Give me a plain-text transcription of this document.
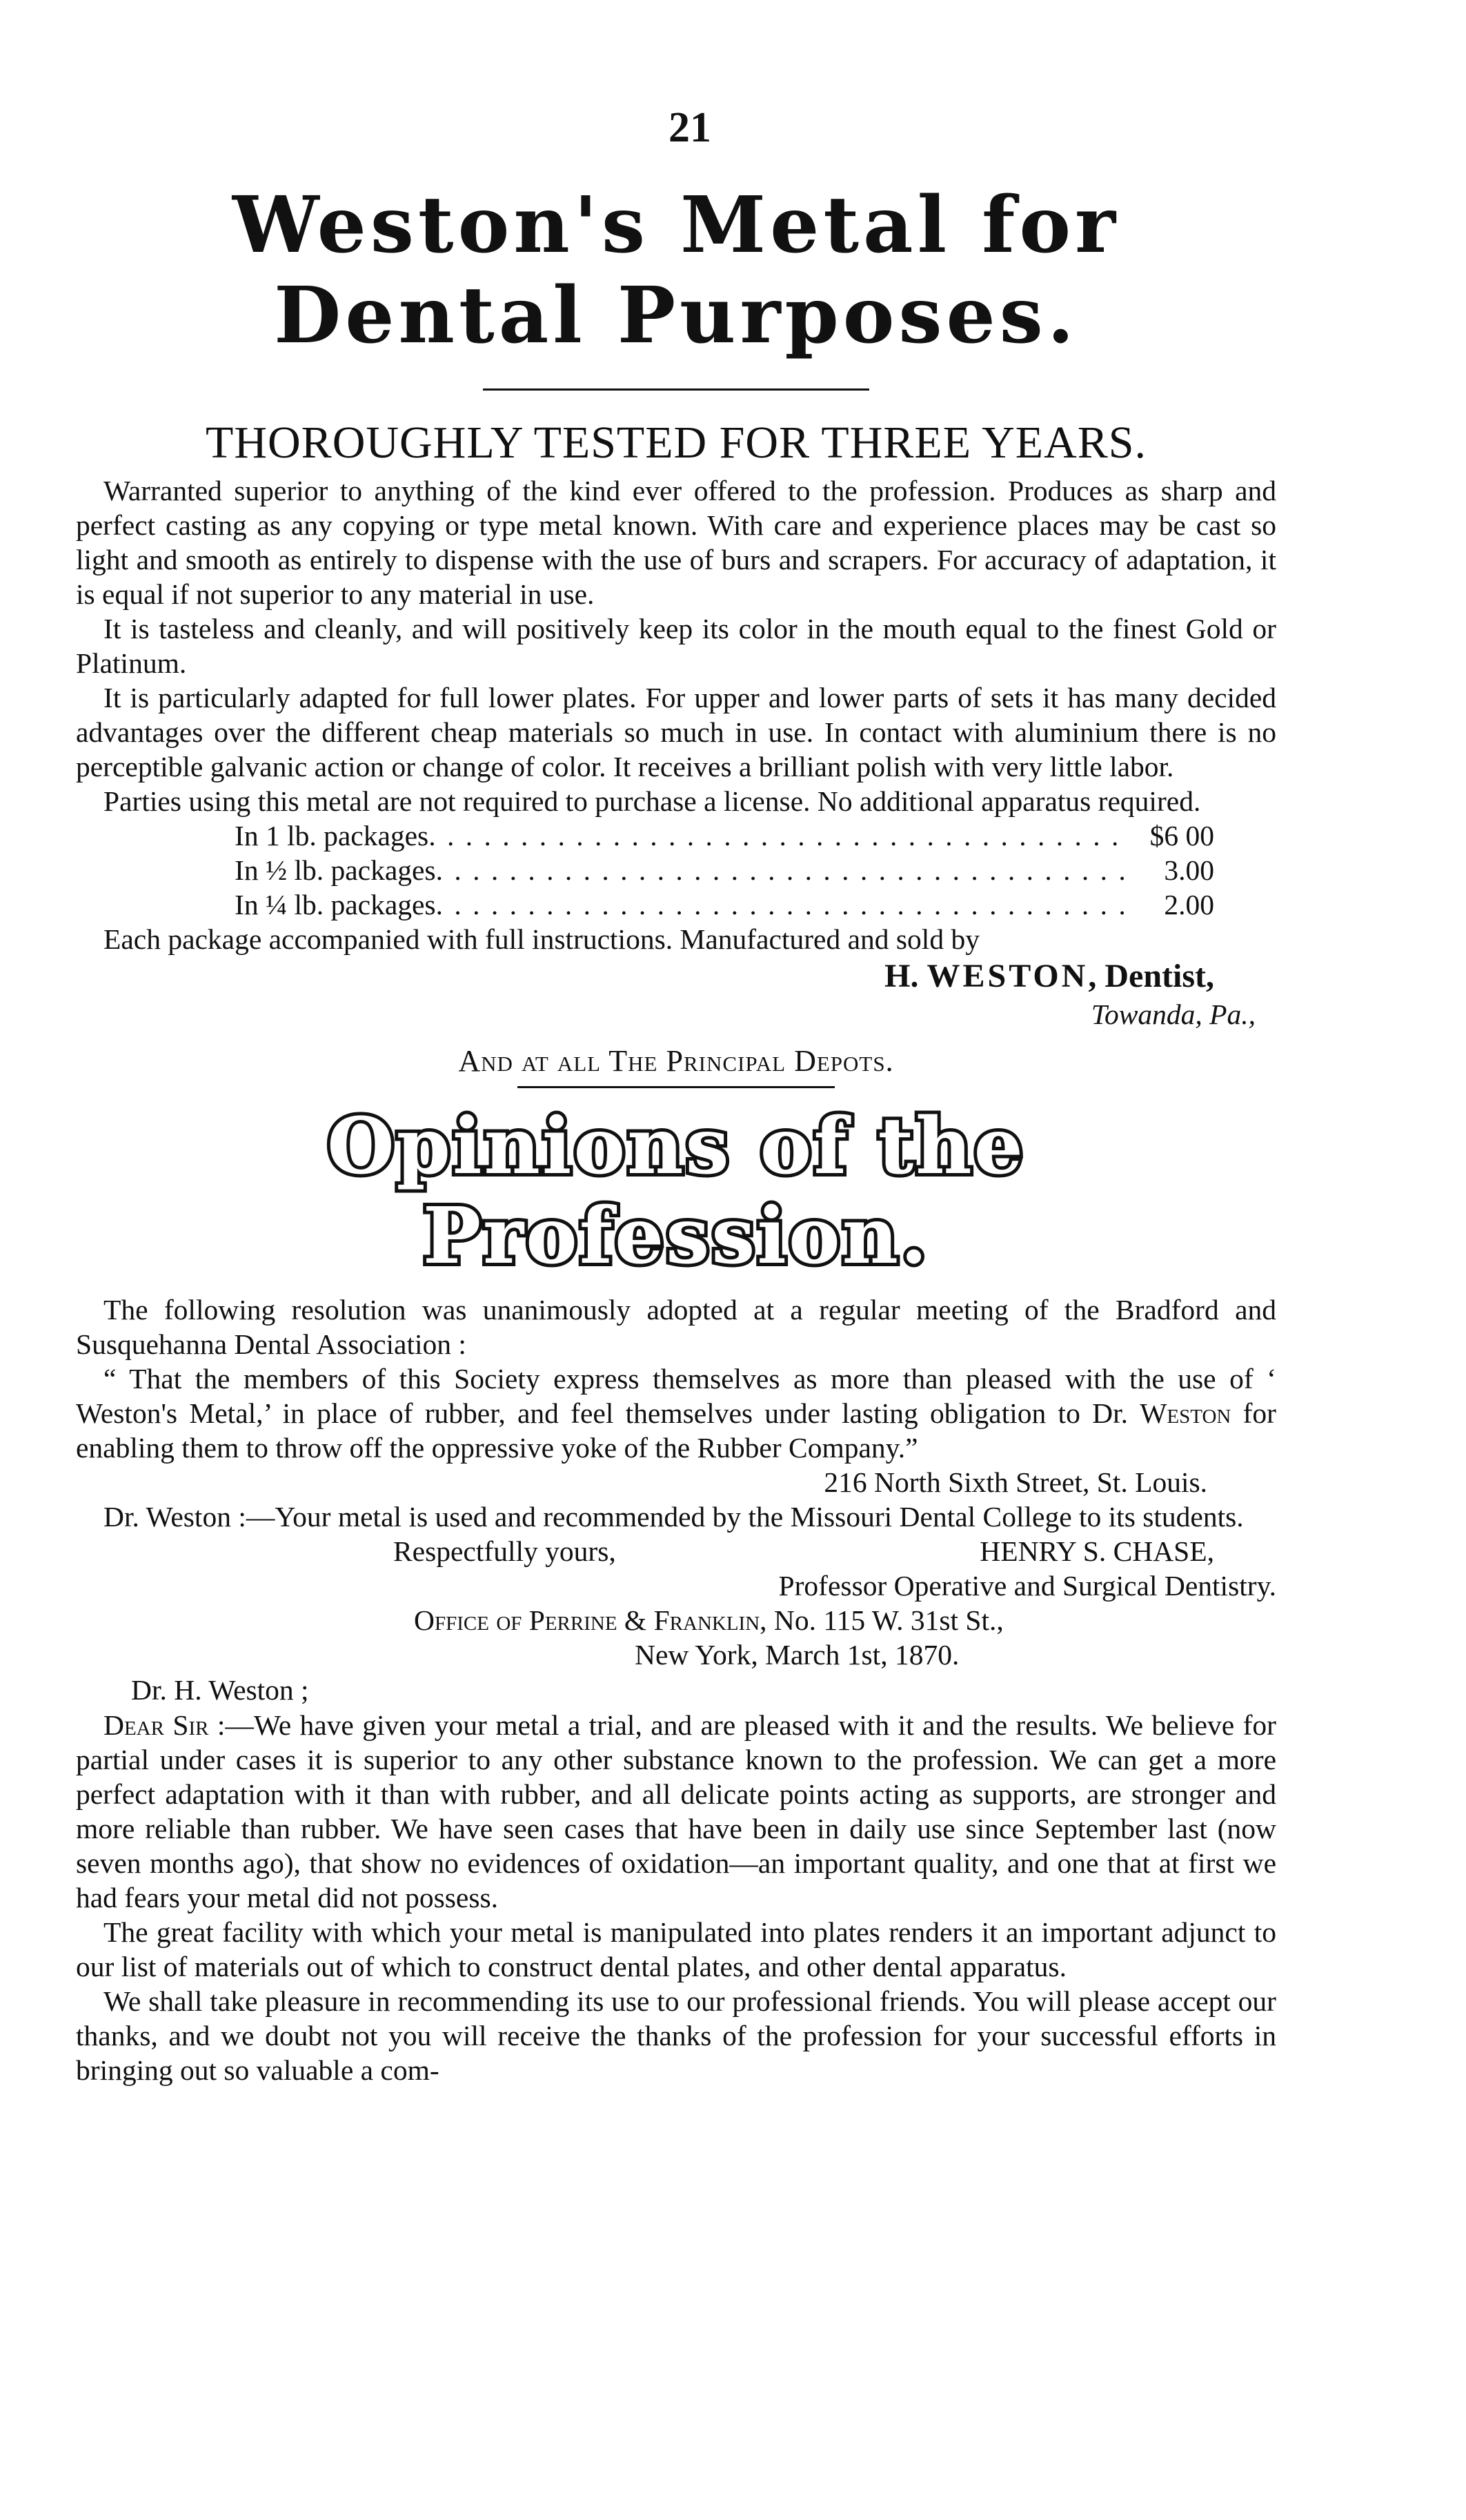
21
Weston's Metal for Dental Purposes.
THOROUGHLY TESTED FOR THREE YEARS.

Warranted superior to anything of the kind ever offered to the profession. Produces as sharp and perfect casting as any copying or type metal known. With care and experience places may be cast so light and smooth as entirely to dispense with the use of burs and scrapers. For accuracy of adaptation, it is equal if not superior to any material in use.

It is tasteless and cleanly, and will positively keep its color in the mouth equal to the finest Gold or Platinum.

It is particularly adapted for full lower plates. For upper and lower parts of sets it has many decided advantages over the different cheap materials so much in use. In contact with aluminium there is no perceptible galvanic action or change of color. It receives a brilliant polish with very little labor.

Parties using this metal are not required to purchase a license. No additional apparatus required.

In 1 lb. packages . . .	$6 00
In ½ lb. packages . . .	3.00
In ¼ lb. packages . . .	2.00

Each package accompanied with full instructions. Manufactured and sold by

H. WESTON, Dentist,
Towanda, Pa.,
And at all The Principal Depots.
Opinions of the Profession.

The following resolution was unanimously adopted at a regular meeting of the Bradford and Susquehanna Dental Association :

“ That the members of this Society express themselves as more than pleased with the use of ‘ Weston's Metal,’ in place of rubber, and feel themselves under lasting obligation to Dr. Weston for enabling them to throw off the oppressive yoke of the Rubber Company.”

216 North Sixth Street, St. Louis.

Dr. Weston :—Your metal is used and recommended by the Missouri Dental College to its students.

Respectfully yours,	HENRY S. CHASE,
Professor Operative and Surgical Dentistry.
Office of Perrine & Franklin, No. 115 W. 31st St.,
New York, March 1st, 1870.
Dr. H. Weston ;

Dear Sir :—We have given your metal a trial, and are pleased with it and the results. We believe for partial under cases it is superior to any other substance known to the profession. We can get a more perfect adaptation with it than with rubber, and all delicate points acting as supports, are stronger and more reliable than rubber. We have seen cases that have been in daily use since September last (now seven months ago), that show no evidences of oxidation—an important quality, and one that at first we had fears your metal did not possess.

The great facility with which your metal is manipulated into plates renders it an important adjunct to our list of materials out of which to construct dental plates, and other dental apparatus.

We shall take pleasure in recommending its use to our professional friends. You will please accept our thanks, and we doubt not you will receive the thanks of the profession for your successful efforts in bringing out so valuable a com-
